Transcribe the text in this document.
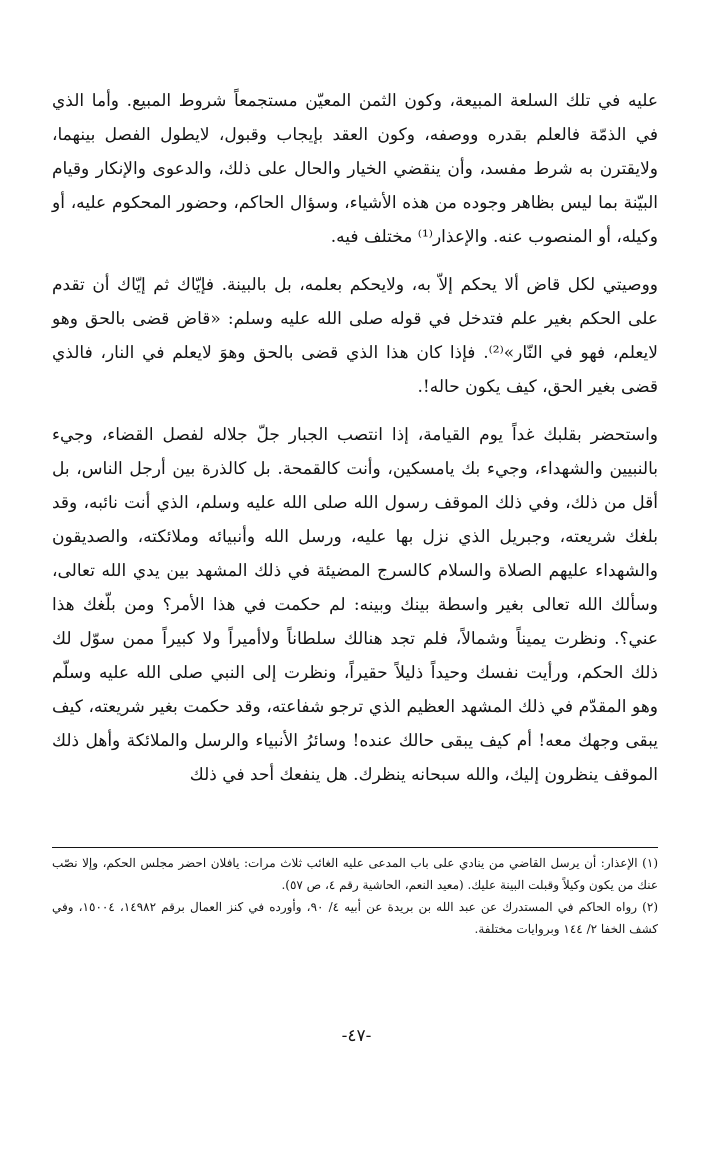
عليه في تلك السلعة المبيعة، وكون الثمن المعيّن مستجمعاً شروط المبيع. وأما الذي في الذمّة فالعلم بقدره ووصفه، وكون العقد بإيجاب وقبول، لايطول الفصل بينهما، ولايقترن به شرط مفسد، وأن ينقضي الخيار والحال على ذلك، والدعوى والإنكار وقيام البيّنة بما ليس بظاهر وجوده من هذه الأشياء، وسؤال الحاكم، وحضور المحكوم عليه، أو وكيله، أو المنصوب عنه. والإعذار⁽¹⁾ مختلف فيه.

ووصيتي لكل قاض ألا يحكم إلاّ به، ولايحكم بعلمه، بل بالبينة. فإيّاك ثم إيّاك أن تقدم على الحكم بغير علم فتدخل في قوله صلى الله عليه وسلم: «قاض قضى بالحق وهو لايعلم، فهو في النّار»⁽²⁾. فإذا كان هذا الذي قضى بالحق وهوَ لايعلم في النار، فالذي قضى بغير الحق، كيف يكون حاله!.

واستحضر بقلبك غداً يوم القيامة، إذا انتصب الجبار جلّ جلاله لفصل القضاء، وجيء بالنبيين والشهداء، وجيء بك يامسكين، وأنت كالقمحة. بل كالذرة بين أرجل الناس، بل أقل من ذلك، وفي ذلك الموقف رسول الله صلى الله عليه وسلم، الذي أنت نائبه، وقد بلغك شريعته، وجبريل الذي نزل بها عليه، ورسل الله وأنبيائه وملائكته، والصديقون والشهداء عليهم الصلاة والسلام كالسرج المضيئة في ذلك المشهد بين يدي الله تعالى، وسألك الله تعالى بغير واسطة بينك وبينه: لم حكمت في هذا الأمر؟ ومن بلّغك هذا عني؟. ونظرت يميناً وشمالاً، فلم تجد هنالك سلطاناً ولاأميراً ولا كبيراً ممن سوّل لك ذلك الحكم، ورأيت نفسك وحيداً ذليلاً حقيراً، ونظرت إلى النبي صلى الله عليه وسلّم وهو المقدّم في ذلك المشهد العظيم الذي ترجو شفاعته، وقد حكمت بغير شريعته، كيف يبقى وجهك معه! أم كيف يبقى حالك عنده! وسائرُ الأنبياء والرسل والملائكة وأهل ذلك الموقف ينظرون إليك، والله سبحانه ينظرك. هل ينفعك أحد في ذلك

(١) الإعذار: أن يرسل القاضي من ينادي على باب المدعى عليه الغائب ثلاث مرات: يافلان احضر مجلس الحكم، وإلا نصّب عنك من يكون وكيلاً وقبلت البينة عليك. (معيد النعم، الحاشية رقم ٤، ص ٥٧).

(٢) رواه الحاكم في المستدرك عن عبد الله بن بريدة عن أبيه ٤/ ٩٠، وأورده في كنز العمال برقم ١٤٩٨٢، ١٥٠٠٤، وفي كشف الخفا ٢/ ١٤٤ وبروايات مختلفة.

-٤٧-
